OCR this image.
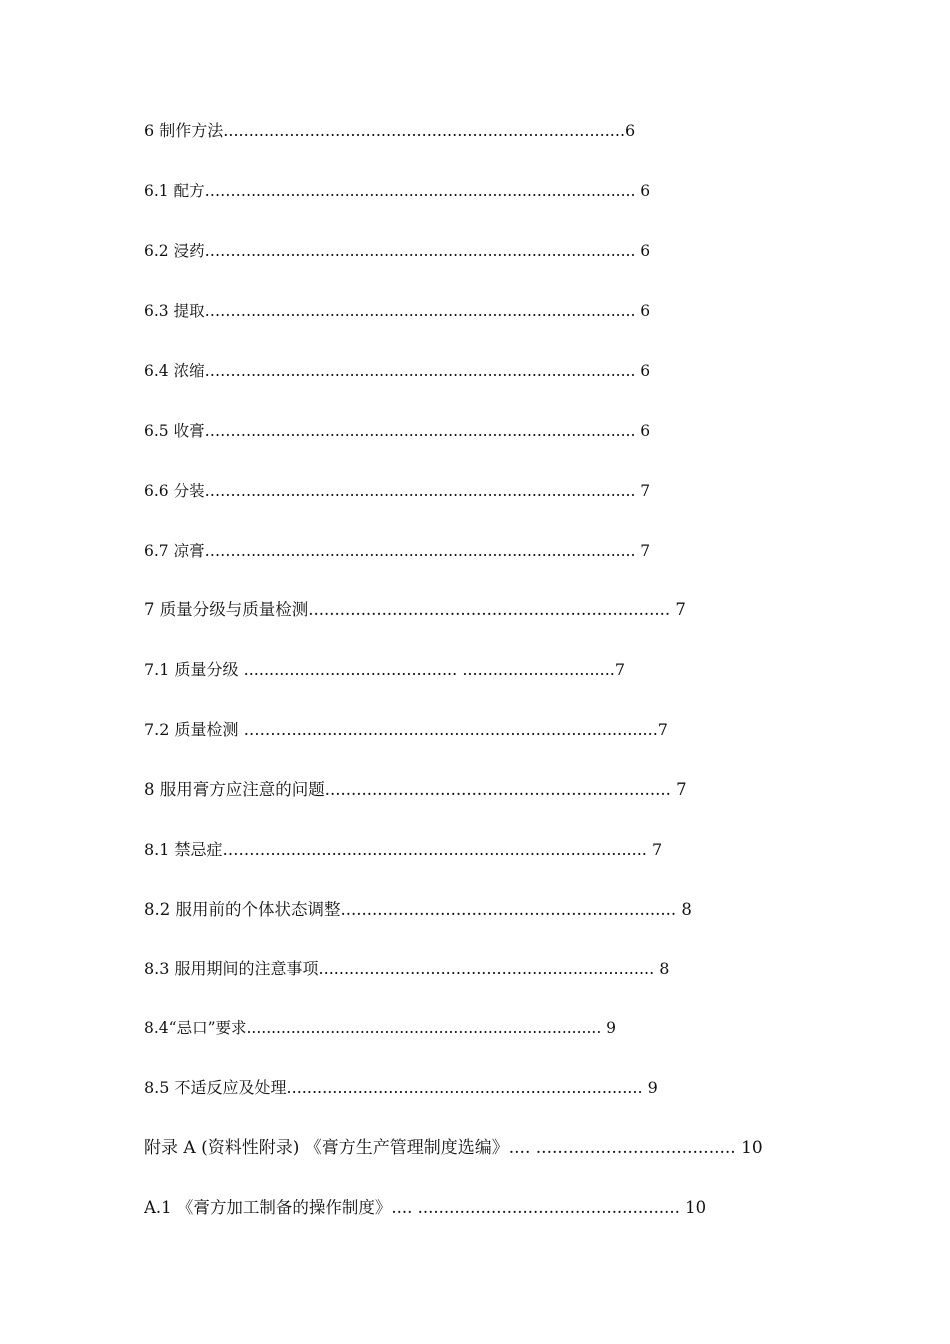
6 制作方法...............................................................................6

6.1 配方……….............................................................................. 6

6.2 浸药……….............................................................................. 6

6.3 提取……….............................................................................. 6

6.4 浓缩……….............................................................................. 6

6.5 收膏……….............................................................................. 6

6.6 分装……….............................................................................. 7

6.7 凉膏……….............................................................................. 7

7 质量分级与质量检测..................................................................... 7

7.1 质量分级 .......................................... ..............................7

7.2 质量检测 ………........................................................................7

8 服用膏方应注意的问题.................................................................. 7

8.1 禁忌症……….......................................................................... 7

8.2 服用前的个体状态调整................................................................ 8

8.3 服用期间的注意事项.................................................................. 8

8.4“忌口”要求........................................................................ 9

8.5 不适反应及处理...................................................................... 9

附录 A (资料性附录) 《膏方生产管理制度选编》.... ..................................... 10

A.1 《膏方加工制备的操作制度》.... .................................................. 10
